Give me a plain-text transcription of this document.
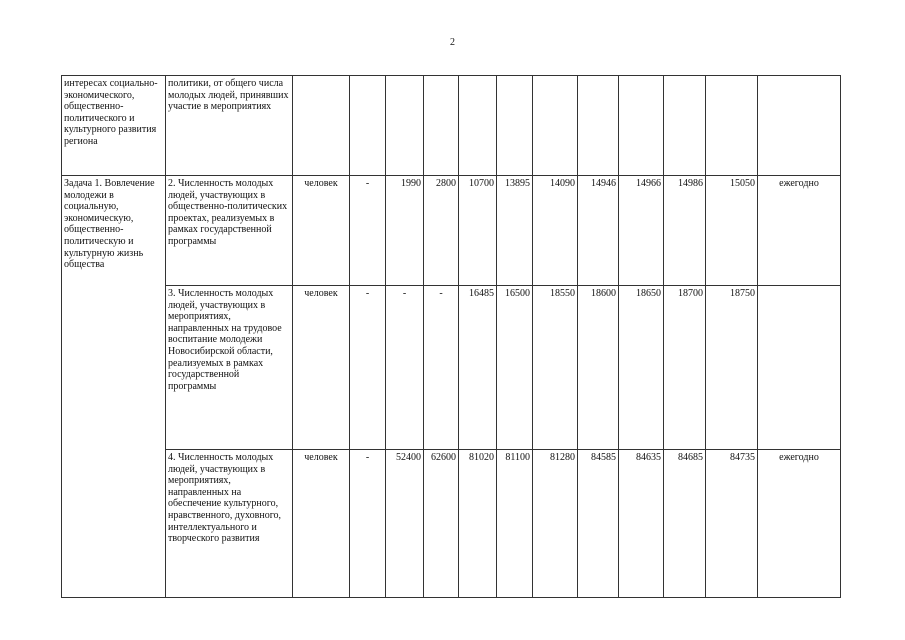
2
интересах социально-экономического, общественно-политического и культурного развития региона	политики, от общего числа молодых людей, принявших участие в мероприятиях												
Задача 1. Вовлечение молодежи в социальную, экономическую, общественно-политическую и культурную жизнь общества	2. Численность молодых людей, участвующих в общественно-политических проектах, реализуемых в рамках государственной программы	человек	-	1990	2800	10700	13895	14090	14946	14966	14986	15050	ежегодно
	3. Численность молодых людей, участвующих в мероприятиях, направленных на трудовое воспитание молодежи Новосибирской области, реализуемых в рамках государственной программы	человек	-	-	-	16485	16500	18550	18600	18650	18700	18750	
	4. Численность молодых людей, участвующих в мероприятиях, направленных на обеспечение культурного, нравственного, духовного, интеллектуального и творческого развития	человек	-	52400	62600	81020	81100	81280	84585	84635	84685	84735	ежегодно
